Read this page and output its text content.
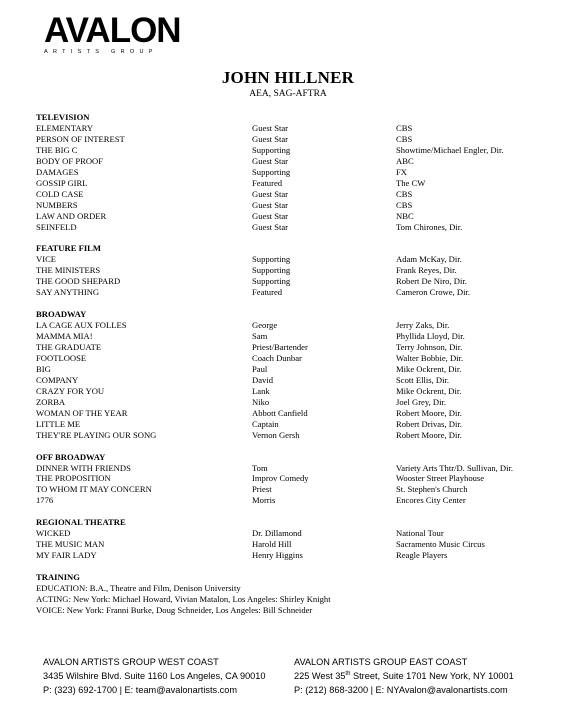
AVALON
ARTISTS GROUP
JOHN HILLNER
AEA, SAG-AFTRA
TELEVISION
ELEMENTARY	Guest Star	CBS
PERSON OF INTEREST	Guest Star	CBS
THE BIG C	Supporting	Showtime/Michael Engler, Dir.
BODY OF PROOF	Guest Star	ABC
DAMAGES	Supporting	FX
GOSSIP GIRL	Featured	The CW
COLD CASE	Guest Star	CBS
NUMBERS	Guest Star	CBS
LAW AND ORDER	Guest Star	NBC
SEINFELD	Guest Star	Tom Chirones, Dir.
FEATURE FILM
VICE	Supporting	Adam McKay, Dir.
THE MINISTERS	Supporting	Frank Reyes, Dir.
THE GOOD SHEPARD	Supporting	Robert De Niro, Dir.
SAY ANYTHING	Featured	Cameron Crowe, Dir.
BROADWAY
LA CAGE AUX FOLLES	George	Jerry Zaks, Dir.
MAMMA MIA!	Sam	Phyllida Lloyd, Dir.
THE GRADUATE	Priest/Bartender	Terry Johnson, Dir.
FOOTLOOSE	Coach Dunbar	Walter Bobbie, Dir.
BIG	Paul	Mike Ockrent, Dir.
COMPANY	David	Scott Ellis, Dir.
CRAZY FOR YOU	Lank	Mike Ockrent, Dir.
ZORBA	Niko	Joel Grey, Dir.
WOMAN OF THE YEAR	Abbott Canfield	Robert Moore, Dir.
LITTLE ME	Captain	Robert Drivas, Dir.
THEY'RE PLAYING OUR SONG	Vernon Gersh	Robert Moore, Dir.
OFF BROADWAY
DINNER WITH FRIENDS	Tom	Variety Arts Thtr/D. Sullivan, Dir.
THE PROPOSITION	Improv Comedy	Wooster Street Playhouse
TO WHOM IT MAY CONCERN	Priest	St. Stephen's Church
1776	Morris	Encores City Center
REGIONAL THEATRE
WICKED	Dr. Dillamond	National Tour
THE MUSIC MAN	Harold Hill	Sacramento Music Circus
MY FAIR LADY	Henry Higgins	Reagle Players
TRAINING

EDUCATION: B.A., Theatre and Film, Denison University

ACTING: New York: Michael Howard, Vivian Matalon, Los Angeles: Shirley Knight

VOICE: New York: Franni Burke, Doug Schneider, Los Angeles: Bill Schneider

AVALON ARTISTS GROUP WEST COAST
3435 Wilshire Blvd. Suite 1160 Los Angeles, CA 90010
P: (323) 692-1700 | E: team@avalonartists.com
AVALON ARTISTS GROUP EAST COAST
225 West 35th Street, Suite 1701 New York, NY 10001
P: (212) 868-3200 | E: NYAvalon@avalonartists.com
